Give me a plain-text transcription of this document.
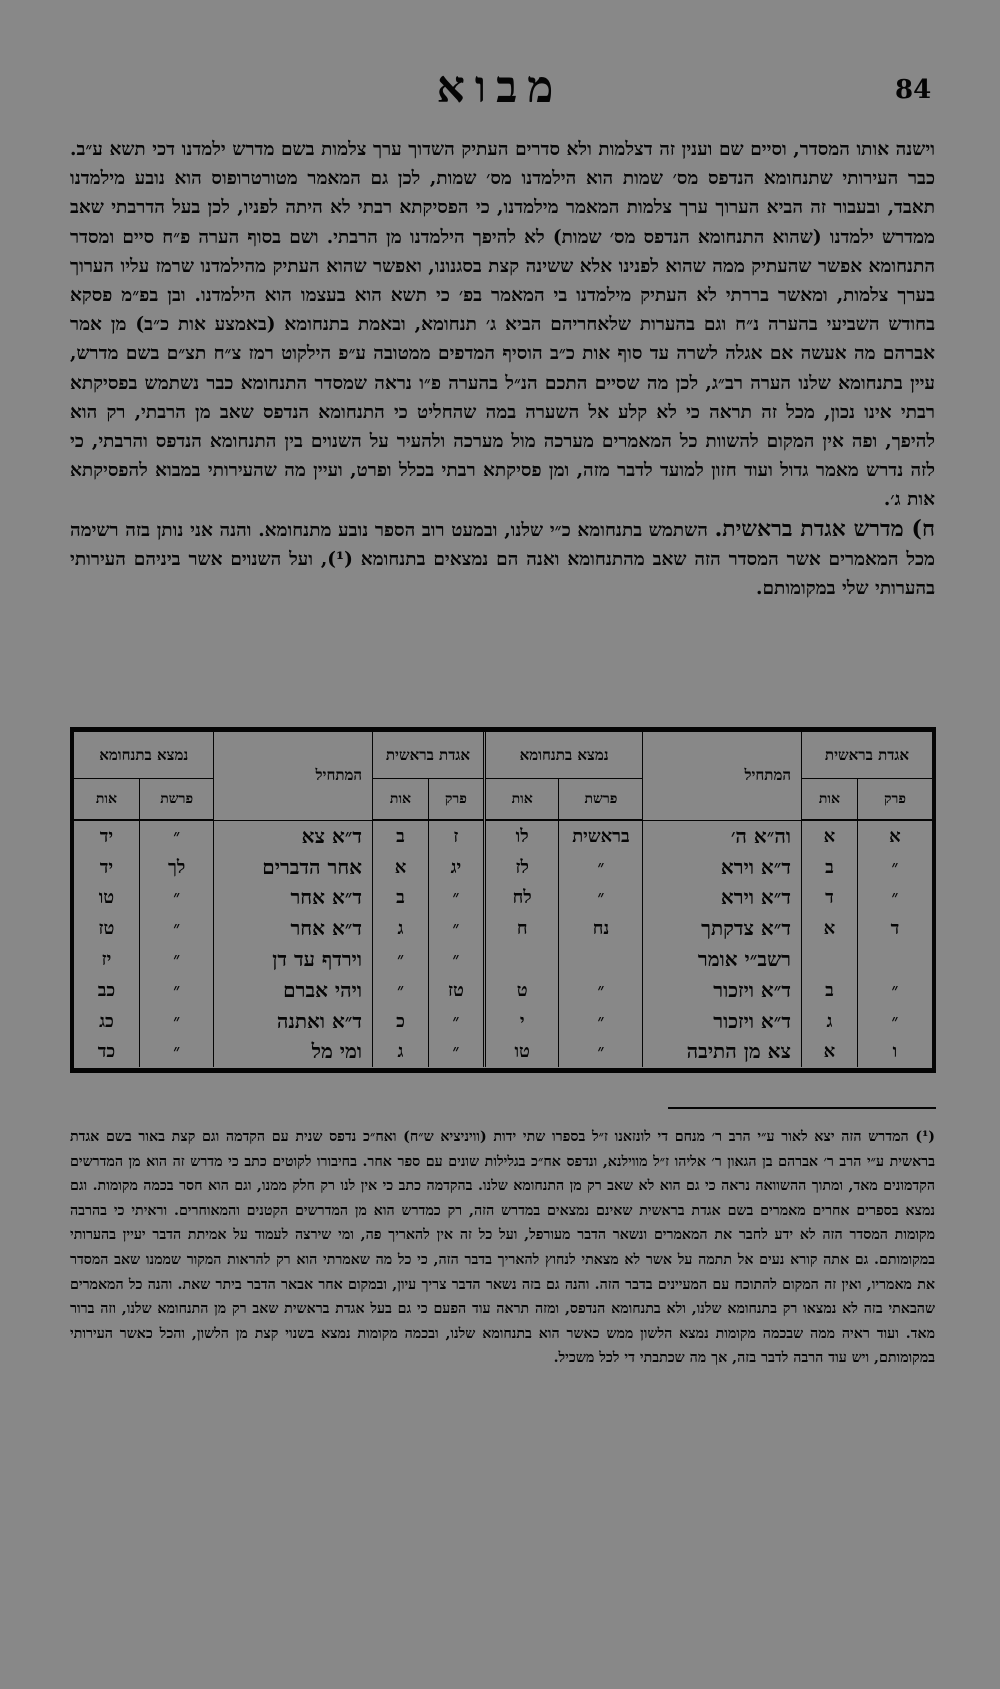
מבוא	84

וישנה אותו המסדר, וסיים שם וענין זה דצלמות ולא סדרים העתיק השדוך ערך צלמות בשם מדרש ילמדנו דכי תשא ע״ב. כבר העירותי שתנחומא הנדפס מס׳ שמות הוא הילמדנו מס׳ שמות, לכן גם המאמר מטורטרופוס הוא נובע מילמדנו תאבד, ובעבור זה הביא הערוך ערך צלמות המאמר מילמדנו, כי הפסיקתא רבתי לא היתה לפניו, לכן בעל הדרבתי שאב ממדרש ילמדנו (שהוא התנחומא הנדפס מס׳ שמות) לא להיפך הילמדנו מן הרבתי. ושם בסוף הערה פ״ח סיים ומסדר התנחומא אפשר שהעתיק ממה שהוא לפנינו אלא ששינה קצת בסגנונו, ואפשר שהוא העתיק מהילמדנו שרמז עליו הערוך בערך צלמות, ומאשר בררתי לא העתיק מילמדנו בי המאמר בפ׳ כי תשא הוא בעצמו הוא הילמדנו. ובן בפ״מ פסקא בחודש השביעי בהערה נ״ח וגם בהערות שלאחריהם הביא ג׳ תנחומא, ובאמת בתנחומא (באמצע אות כ״ב) מן אמר אברהם מה אעשה אם אגלה לשרה עד סוף אות כ״ב הוסיף המדפים ממטובה ע״פ הילקוט רמז צ״ח תצ״ם בשם מדרש, עיין בתנחומא שלנו הערה רב״ג, לכן מה שסיים התכם הנ״ל בהערה פ״ו נראה שמסדר התנחומא כבר נשתמש בפסיקתא רבתי אינו נכון, מכל זה תראה כי לא קלע אל השערה במה שהחליט כי התנחומא הנדפס שאב מן הרבתי, רק הוא להיפך, ופה אין המקום להשוות כל המאמרים מערכה מול מערכה ולהעיר על השנוים בין התנחומא הנדפס והרבתי, כי לזה נדרש מאמר גדול ועוד חזון למועד לדבר מזה, ומן פסיקתא רבתי בכלל ופרט, ועיין מה שהעירותי במבוא להפסיקתא אות ג׳.

ח) מדרש אגדת בראשית. השתמש בתנחומא כ״י שלנו, ובמעט רוב הספר נובע מתנחומא. והנה אני נותן בזה רשימה מכל המאמרים אשר המסדר הזה שאב מהתנחומא ואנה הם נמצאים בתנחומא (¹), ועל השנוים אשר ביניהם העירותי בהערותי שלי במקומותם.

אגדת בראשית		המתחיל	נמצא בתנחומא		אגדת בראשית		המתחיל	נמצא בתנחומא	
פרק	אות		פרשת	אות	פרק	אות		פרשת	אות
א	א	וה״א ה׳	בראשית	לו	ז	ב	ד״א צא	״	יד
״	ב	ד״א וירא	״	לז	יג	א	אחר הדברים	לך	יד
״	ד	ד״א וירא	״	לח	״	ב	ד״א אחר	״	טו
ד	א	ד״א צדקתך	נח	ח	״	ג	ד״א אחר	״	טז
		רשב״י אומר			״	״	וירדף עד דן	״	יז
״	ב	ד״א ויזכור	״	ט	טז	״	ויהי אברם	״	כב
״	ג	ד״א ויזכור	״	י	״	כ	ד״א ואתנה	״	כג
ו	א	צא מן התיבה	״	טו	״	ג	ומי מל	״	כד

(¹) המדרש הזה יצא לאור ע״י הרב ר׳ מנחם די לונזאנו ז״ל בספרו שתי ידות (וויניציא ש״ח) ואח״כ נדפס שנית עם הקדמה וגם קצת באור בשם אגדת בראשית ע״י הרב ר׳ אברהם בן הגאון ר׳ אליהו ז״ל מווילנא, ונדפס אח״כ בגלילות שונים עם ספר אחר. בחיבורו לקוטים כתב כי מדרש זה הוא מן המדרשים הקדמונים מאד, ומתוך ההשוואה נראה כי גם הוא לא שאב רק מן התנחומא שלנו. בהקדמה כתב כי אין לנו רק חלק ממנו, וגם הוא חסר בכמה מקומות. וגם נמצא בספרים אחרים מאמרים בשם אגדת בראשית שאינם נמצאים במדרש הזה, רק כמדרש הוא מן המדרשים הקטנים והמאוחרים. וראיתי כי בהרבה מקומות המסדר הזה לא ידע לחבר את המאמרים ונשאר הדבר מעורפל, ועל כל זה אין להאריך פה, ומי שירצה לעמוד על אמיתת הדבר יעיין בהערותי במקומותם. גם אתה קורא נעים אל תתמה על אשר לא מצאתי לנחוץ להאריך בדבר הזה, כי כל מה שאמרתי הוא רק להראות המקור שממנו שאב המסדר את מאמריו, ואין זה המקום להתוכח עם המעיינים בדבר הזה. והנה גם בזה נשאר הדבר צריך עיון, ובמקום אחר אבאר הדבר ביתר שאת. והנה כל המאמרים שהבאתי בזה לא נמצאו רק בתנחומא שלנו, ולא בתנחומא הנדפס, ומזה תראה עוד הפעם כי גם בעל אגדת בראשית שאב רק מן התנחומא שלנו, וזה ברור מאד. ועוד ראיה ממה שבכמה מקומות נמצא הלשון ממש כאשר הוא בתנחומא שלנו, ובכמה מקומות נמצא בשנוי קצת מן הלשון, והכל כאשר העירותי במקומותם, ויש עוד הרבה לדבר בזה, אך מה שכתבתי די לכל משכיל.
